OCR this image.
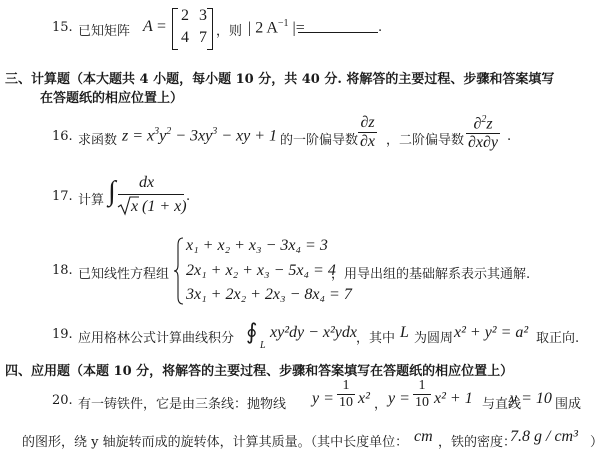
15. 已知矩阵 A =
2 3
4 7 ，则 | 2 $A^{-1}$ |=	.
三、计算题（本大题共 4 小题，每小题 10 分，共 40 分. 将解答的主要过程、步骤和答案填写
在答题纸的相应位置上）
16. 求函数 $z = x^3y^2 - 3xy^3$ − xy + 1 的一阶偏导数 $\frac{\partial z}{\partial x}$ ，二阶偏导数 $\frac{\partial^2z}{\partial x\partial y}$ .
17. 计算 ∫ dx
x (1 + x)
.
18. 已知线性方程组
x₁ + x₂ + x₃ − 3x₄ = 3
2x₁ + x₂ + x₃ − 5x₄ = 4
3x₁ + 2x₂ + 2x₃ − 8x₄ = 7
，用导出组的基础解系表示其通解.
19. 应用格林公式计算曲线积分 ∮
L
xy²dy − x²ydx ，其中 L 为圆周 x² + y² = a² 取正向.
四、应用题（本题 10 分，将解答的主要过程、步骤和答案填写在答题纸的相应位置上）
20. 有一铸铁件，它是由三条线：抛物线 $y = \frac{1}{10} x^2$ ， $y = \frac{1}{10} x^2 + 1$ 与直线
y = 10 围成
的图形，绕 y 轴旋转而成的旋转体，计算其质量。（其中长度单位： cm ，铁的密度：
7.8 g / cm³ ）
